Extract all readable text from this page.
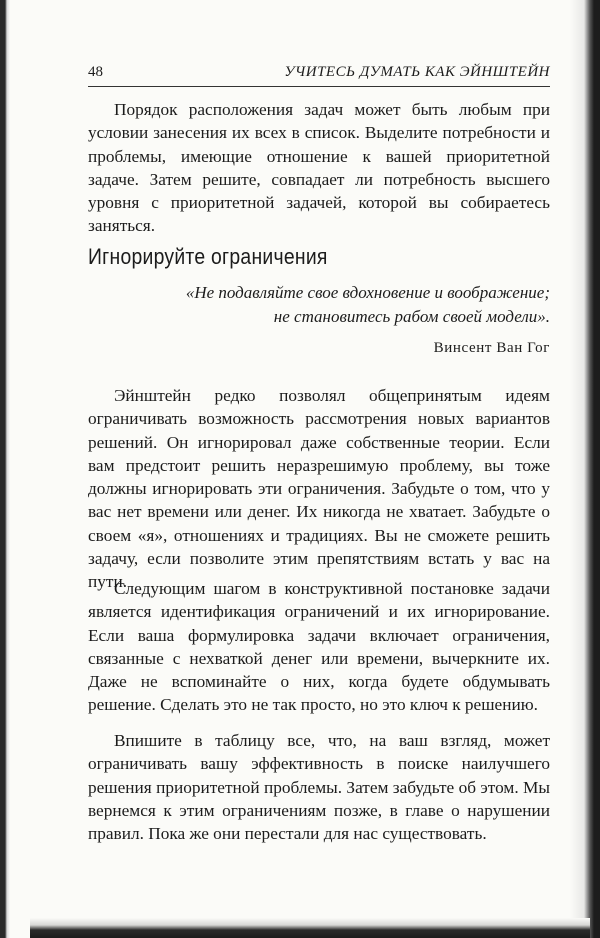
48	УЧИТЕСЬ ДУМАТЬ КАК ЭЙНШТЕЙН

Порядок расположения задач может быть любым при условии занесения их всех в список. Выделите потребности и проблемы, имеющие отношение к вашей приоритетной задаче. Затем решите, совпадает ли потребность высшего уровня с приоритетной задачей, которой вы собираетесь заняться.

Игнорируйте ограничения
«Не подавляйте свое вдохновение и воображение;
не становитесь рабом своей модели».
Винсент Ван Гог

Эйнштейн редко позволял общепринятым идеям ограничивать возможность рассмотрения новых вариантов решений. Он игнорировал даже собственные теории. Если вам предстоит решить неразрешимую проблему, вы тоже должны игнорировать эти ограничения. Забудьте о том, что у вас нет времени или денег. Их никогда не хватает. Забудьте о своем «я», отношениях и традициях. Вы не сможете решить задачу, если позволите этим препятствиям встать у вас на пути.

Следующим шагом в конструктивной постановке задачи является идентификация ограничений и их игнорирование. Если ваша формулировка задачи включает ограничения, связанные с нехваткой денег или времени, вычеркните их. Даже не вспоминайте о них, когда будете обдумывать решение. Сделать это не так просто, но это ключ к решению.

Впишите в таблицу все, что, на ваш взгляд, может ограничивать вашу эффективность в поиске наилучшего решения приоритетной проблемы. Затем забудьте об этом. Мы вернемся к этим ограничениям позже, в главе о нарушении правил. Пока же они перестали для нас существовать.
